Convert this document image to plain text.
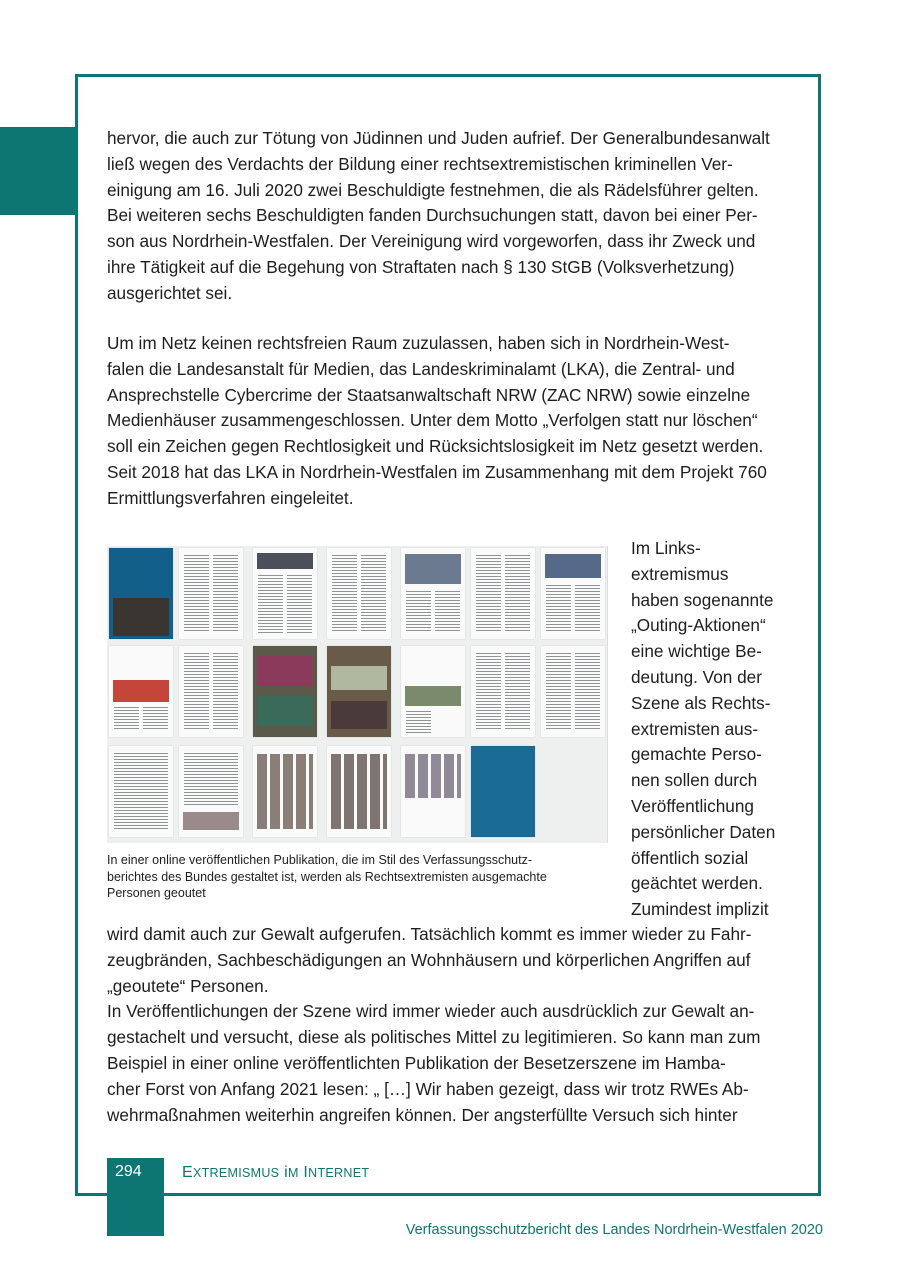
hervor, die auch zur Tötung von Jüdinnen und Juden aufrief. Der Generalbundesanwalt
ließ wegen des Verdachts der Bildung einer rechtsextremistischen kriminellen Ver-
einigung am 16. Juli 2020 zwei Beschuldigte festnehmen, die als Rädelsführer gelten.
Bei weiteren sechs Beschuldigten fanden Durchsuchungen statt, davon bei einer Per-
son aus Nordrhein-Westfalen. Der Vereinigung wird vorgeworfen, dass ihr Zweck und
ihre Tätigkeit auf die Begehung von Straftaten nach § 130 StGB (Volksverhetzung)
ausgerichtet sei.

Um im Netz keinen rechtsfreien Raum zuzulassen, haben sich in Nordrhein-West-
falen die Landesanstalt für Medien, das Landeskriminalamt (LKA), die Zentral- und
Ansprechstelle Cybercrime der Staatsanwaltschaft NRW (ZAC NRW) sowie einzelne
Medienhäuser zusammengeschlossen. Unter dem Motto „Verfolgen statt nur löschen“
soll ein Zeichen gegen Rechtlosigkeit und Rücksichtslosigkeit im Netz gesetzt werden.
Seit 2018 hat das LKA in Nordrhein-Westfalen im Zusammenhang mit dem Projekt 760
Ermittlungsverfahren eingeleitet.

Im Links-
extremismus
haben sogenannte
„Outing-Aktionen“
eine wichtige Be-
deutung. Von der
Szene als Rechts-
extremisten aus-
gemachte Perso-
nen sollen durch
Veröffentlichung
persönlicher Daten
öffentlich sozial
geächtet werden.
Zumindest implizit

In einer online veröffentlichen Publikation, die im Stil des Verfassungsschutz-
berichtes des Bundes gestaltet ist, werden als Rechtsextremisten ausgemachte
Personen geoutet

wird damit auch zur Gewalt aufgerufen. Tatsächlich kommt es immer wieder zu Fahr-
zeugbränden, Sachbeschädigungen an Wohnhäusern und körperlichen Angriffen auf
„geoutete“ Personen.
In Veröffentlichungen der Szene wird immer wieder auch ausdrücklich zur Gewalt an-
gestachelt und versucht, diese als politisches Mittel zu legitimieren. So kann man zum
Beispiel in einer online veröffentlichten Publikation der Besetzerszene im Hamba-
cher Forst von Anfang 2021 lesen: „ […] Wir haben gezeigt, dass wir trotz RWEs Ab-
wehrmaßnahmen weiterhin angreifen können. Der angsterfüllte Versuch sich hinter

294	EXTREMISMUS iM INTERNET
Verfassungsschutzbericht des Landes Nordrhein-Westfalen 2020
